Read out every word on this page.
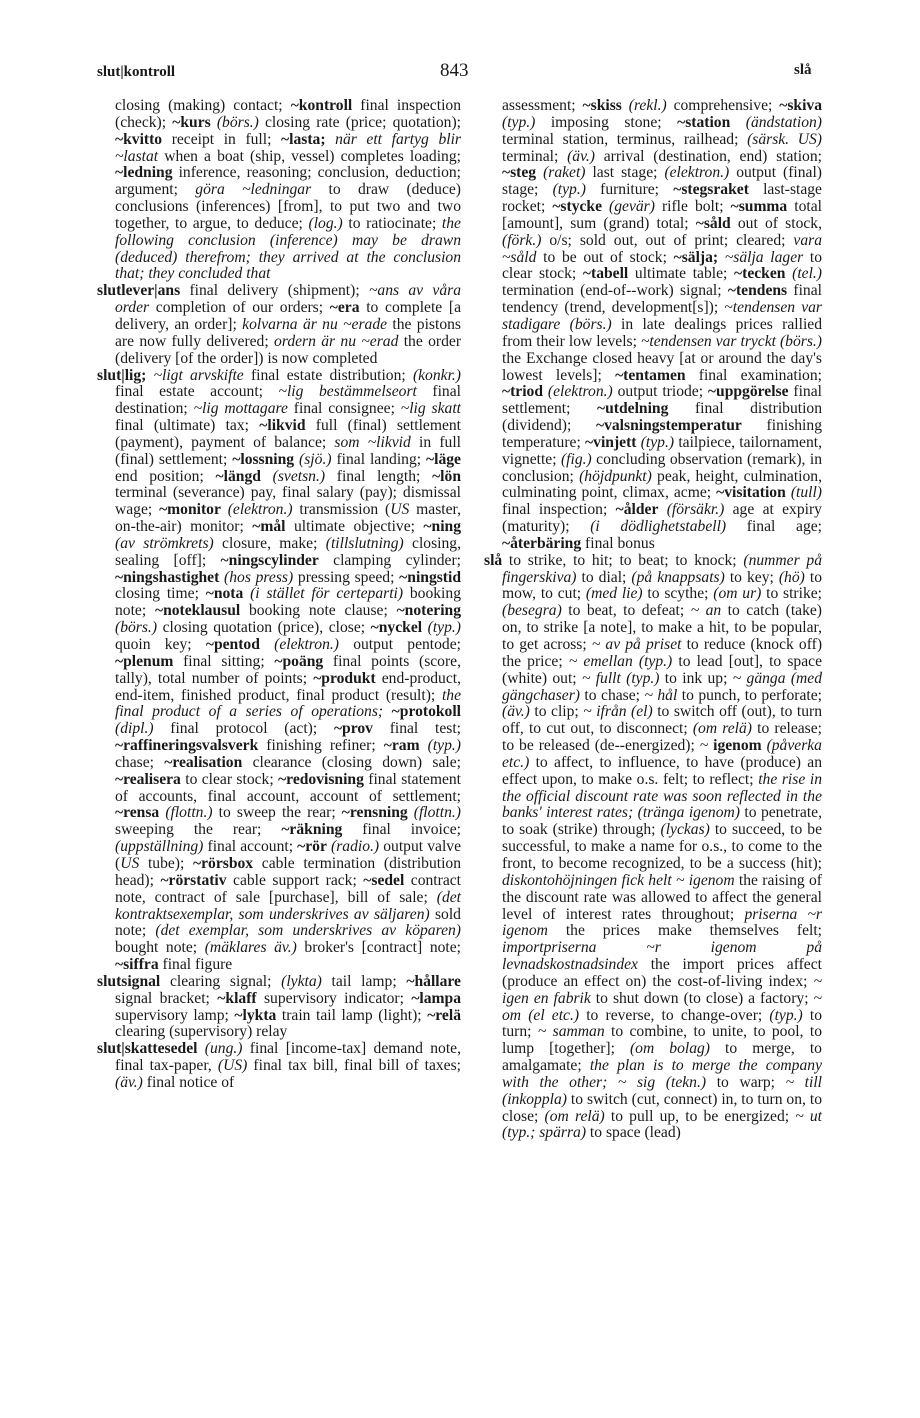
slut|kontroll	843	slå

closing (making) contact; ~kontroll final inspection (check); ~kurs (börs.) closing rate (price; quotation); ~kvitto receipt in full; ~lasta; när ett fartyg blir ~lastat when a boat (ship, vessel) completes loading; ~ledning inference, reasoning; conclusion, deduction; argument; göra ~ledningar to draw (deduce) conclusions (inferences) [from], to put two and two together, to argue, to deduce; (log.) to ratiocinate; the following conclusion (inference) may be drawn (deduced) therefrom; they arrived at the conclusion that; they concluded that

slutlever|ans final delivery (shipment); ~ans av våra order completion of our orders; ~era to complete [a delivery, an order]; kolvarna är nu ~erade the pistons are now fully delivered; ordern är nu ~erad the order (delivery [of the order]) is now completed

slut|lig; ~ligt arvskifte final estate distribution; (konkr.) final estate account; ~lig bestämmelseort final destination; ~lig mottagare final consignee; ~lig skatt final (ultimate) tax; ~likvid full (final) settlement (payment), payment of balance; som ~likvid in full (final) settlement; ~lossning (sjö.) final landing; ~läge end position; ~längd (svetsn.) final length; ~lön terminal (severance) pay, final salary (pay); dismissal wage; ~monitor (elektron.) transmission (US master, on-the-air) monitor; ~mål ultimate objective; ~ning (av strömkrets) closure, make; (tillslutning) closing, sealing [off]; ~ningscylinder clamping cylinder; ~ningshastighet (hos press) pressing speed; ~ningstid closing time; ~nota (i stället för certeparti) booking note; ~noteklausul booking note clause; ~notering (börs.) closing quotation (price), close; ~nyckel (typ.) quoin key; ~pentod (elektron.) output pentode; ~plenum final sitting; ~poäng final points (score, tally), total number of points; ~produkt end-product, end-item, finished product, final product (result); the final product of a series of operations; ~protokoll (dipl.) final protocol (act); ~prov final test; ~raffineringsvalsverk finishing refiner; ~ram (typ.) chase; ~realisation clearance (closing down) sale; ~realisera to clear stock; ~redovisning final statement of accounts, final account, account of settlement; ~rensa (flottn.) to sweep the rear; ~rensning (flottn.) sweeping the rear; ~räkning final invoice; (uppställning) final account; ~rör (radio.) output valve (US tube); ~rörsbox cable termination (distribution head); ~rörstativ cable support rack; ~sedel contract note, contract of sale [purchase], bill of sale; (det kontraktsexemplar, som underskrives av säljaren) sold note; (det exemplar, som underskrives av köparen) bought note; (mäklares äv.) broker's [contract] note; ~siffra final figure

slutsignal clearing signal; (lykta) tail lamp; ~hållare signal bracket; ~klaff supervisory indicator; ~lampa supervisory lamp; ~lykta train tail lamp (light); ~relä clearing (supervisory) relay

slut|skattesedel (ung.) final [income-tax] demand note, final tax-paper, (US) final tax bill, final bill of taxes; (äv.) final notice of

assessment; ~skiss (rekl.) comprehensive; ~skiva (typ.) imposing stone; ~station (ändstation) terminal station, terminus, railhead; (särsk. US) terminal; (äv.) arrival (destination, end) station; ~steg (raket) last stage; (elektron.) output (final) stage; (typ.) furniture; ~stegsraket last-stage rocket; ~stycke (gevär) rifle bolt; ~summa total [amount], sum (grand) total; ~såld out of stock, (förk.) o/s; sold out, out of print; cleared; vara ~såld to be out of stock; ~sälja; ~sälja lager to clear stock; ~tabell ultimate table; ~tecken (tel.) termination (end-of--work) signal; ~tendens final tendency (trend, development[s]); ~tendensen var stadigare (börs.) in late dealings prices rallied from their low levels; ~tendensen var tryckt (börs.) the Exchange closed heavy [at or around the day's lowest levels]; ~tentamen final examination; ~triod (elektron.) output triode; ~uppgörelse final settlement; ~utdelning final distribution (dividend); ~valsningstemperatur finishing temperature; ~vinjett (typ.) tailpiece, tailornament, vignette; (fig.) concluding observation (remark), in conclusion; (höjdpunkt) peak, height, culmination, culminating point, climax, acme; ~visitation (tull) final inspection; ~ålder (försäkr.) age at expiry (maturity); (i dödlighetstabell) final age; ~återbäring final bonus

slå to strike, to hit; to beat; to knock; (nummer på fingerskiva) to dial; (på knappsats) to key; (hö) to mow, to cut; (med lie) to scythe; (om ur) to strike; (besegra) to beat, to defeat; ~ an to catch (take) on, to strike [a note], to make a hit, to be popular, to get across; ~ av på priset to reduce (knock off) the price; ~ emellan (typ.) to lead [out], to space (white) out; ~ fullt (typ.) to ink up; ~ gänga (med gängchaser) to chase; ~ hål to punch, to perforate; (äv.) to clip; ~ ifrån (el) to switch off (out), to turn off, to cut out, to disconnect; (om relä) to release; to be released (de--energized); ~ igenom (påverka etc.) to affect, to influence, to have (produce) an effect upon, to make o.s. felt; to reflect; the rise in the official discount rate was soon reflected in the banks' interest rates; (tränga igenom) to penetrate, to soak (strike) through; (lyckas) to succeed, to be successful, to make a name for o.s., to come to the front, to become recognized, to be a success (hit); diskontohöjningen fick helt ~ igenom the raising of the discount rate was allowed to affect the general level of interest rates throughout; priserna ~r igenom the prices make themselves felt; importpriserna ~r igenom på levnadskostnadsindex the import prices affect (produce an effect on) the cost-of-living index; ~ igen en fabrik to shut down (to close) a factory; ~ om (el etc.) to reverse, to change-over; (typ.) to turn; ~ samman to combine, to unite, to pool, to lump [together]; (om bolag) to merge, to amalgamate; the plan is to merge the company with the other; ~ sig (tekn.) to warp; ~ till (inkoppla) to switch (cut, connect) in, to turn on, to close; (om relä) to pull up, to be energized; ~ ut (typ.; spärra) to space (lead)
